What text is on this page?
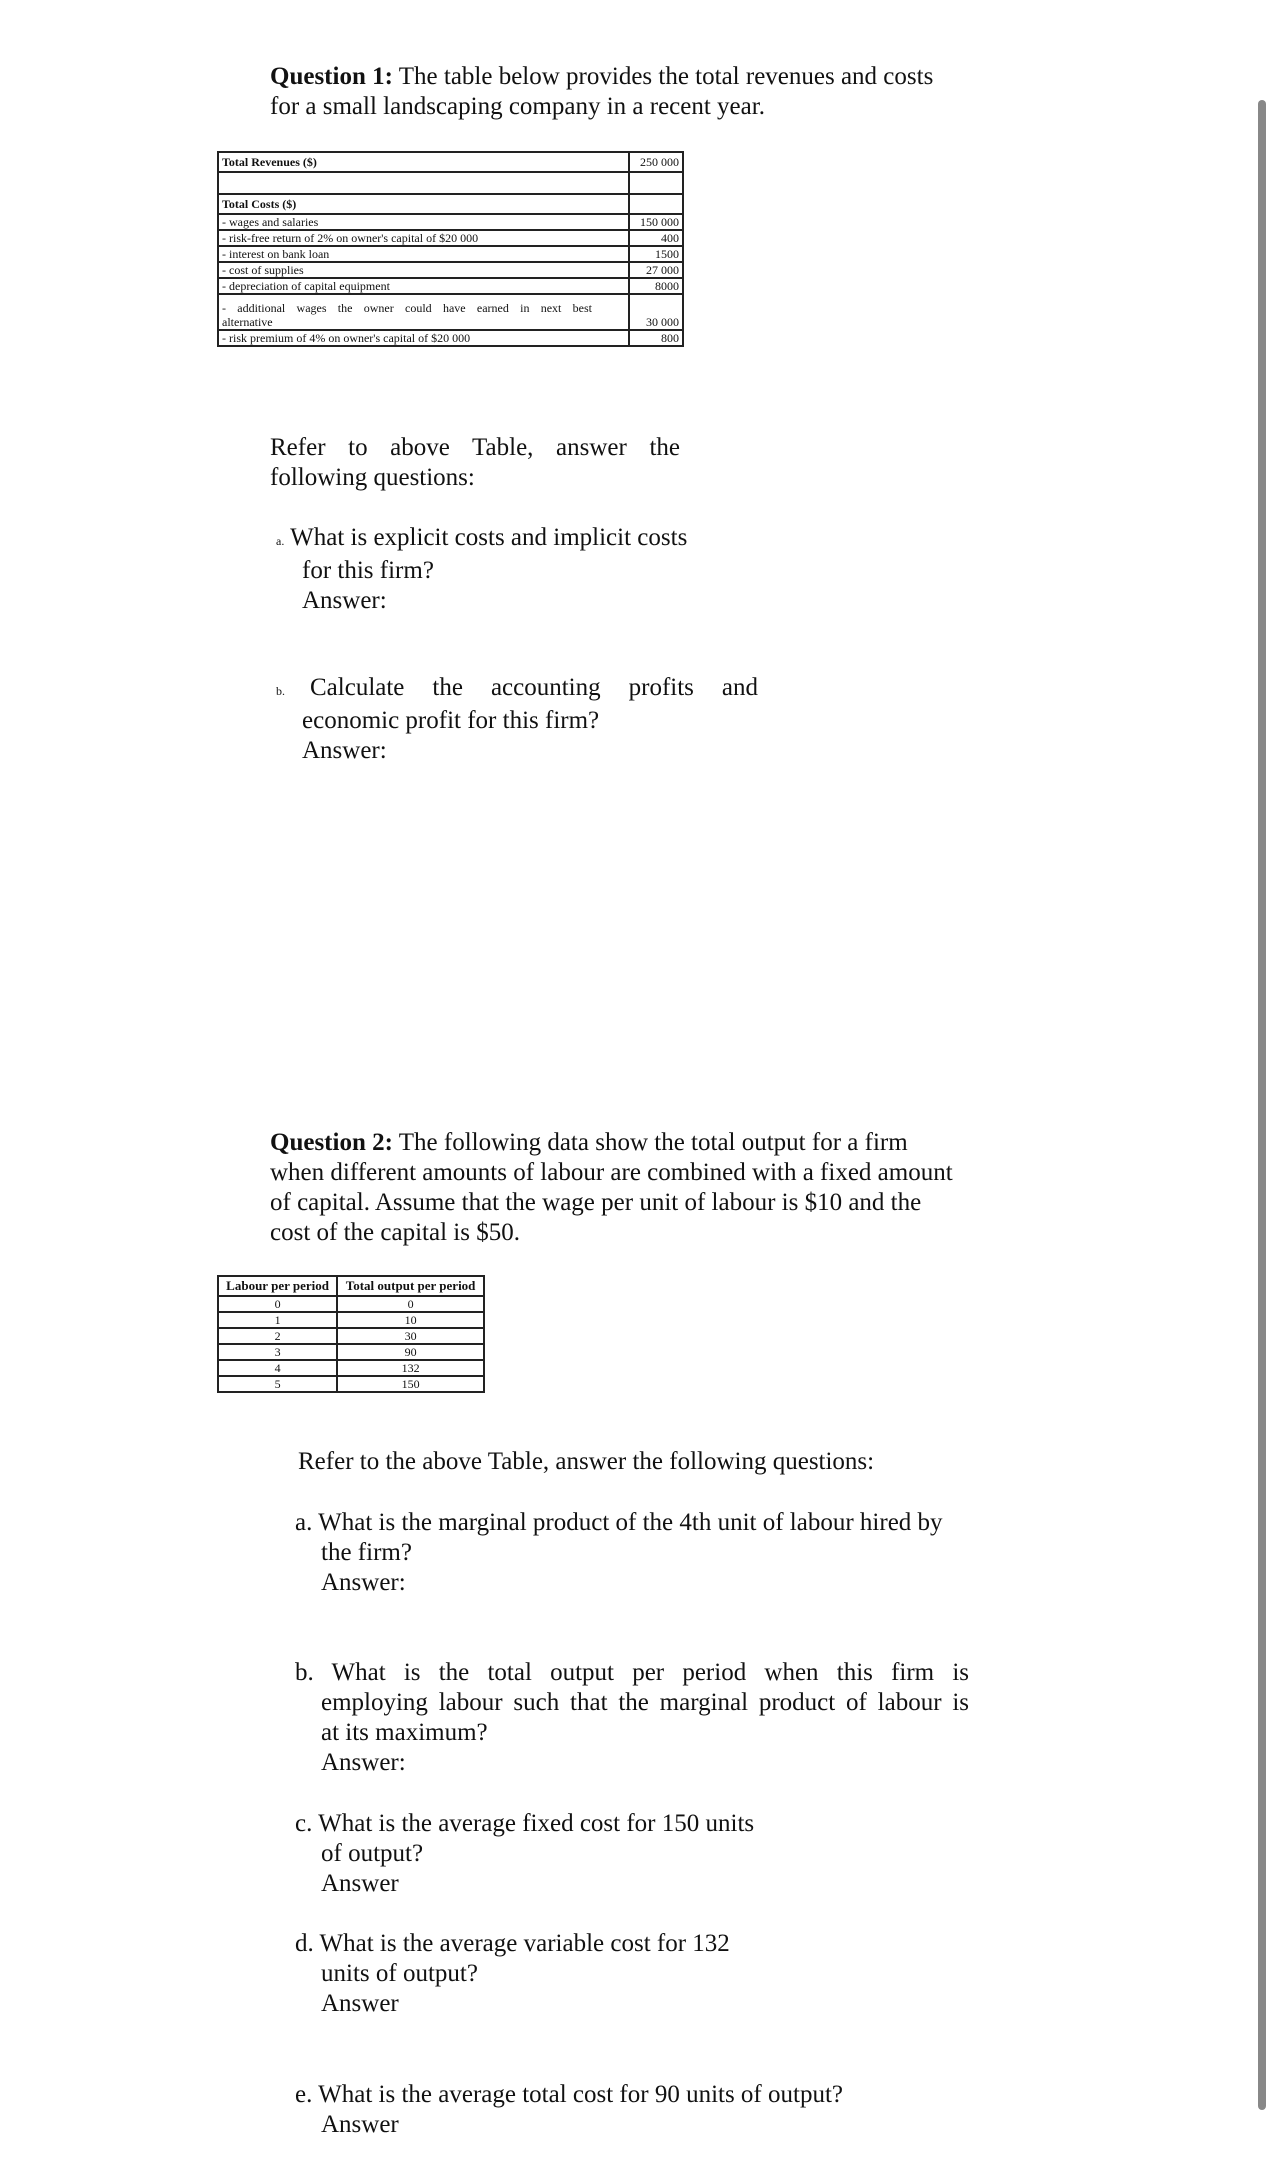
Question 1: The table below provides the total revenues and costs
for a small landscaping company in a recent year.
Total Revenues ($)	250 000

Total Costs ($)	
- wages and salaries	150 000
- risk-free return of 2% on owner's capital of $20 000	400
- interest on bank loan	1500
- cost of supplies	27 000
- depreciation of capital equipment	8000

- additional wages the owner could have earned in next best
alternative	30 000
- risk premium of 4% on owner's capital of $20 000	800
Refer to above Table, answer the
following questions:
a. What is explicit costs and implicit costs
for this firm?
Answer:
b.	Calculate the accounting profits and
economic profit for this firm?
Answer:
Question 2: The following data show the total output for a firm
when different amounts of labour are combined with a fixed amount
of capital. Assume that the wage per unit of labour is $10 and the
cost of the capital is $50.
Labour per period	Total output per period
0	0
1	10
2	30
3	90
4	132
5	150
Refer to the above Table, answer the following questions:
a. What is the marginal product of the 4th unit of labour hired by
the firm?
Answer:
b. What is the total output per period when this firm is
employing labour such that the marginal product of labour is
at its maximum?
Answer:
c. What is the average fixed cost for 150 units
of output?
Answer
d. What is the average variable cost for 132
units of output?
Answer
e. What is the average total cost for 90 units of output?
Answer
